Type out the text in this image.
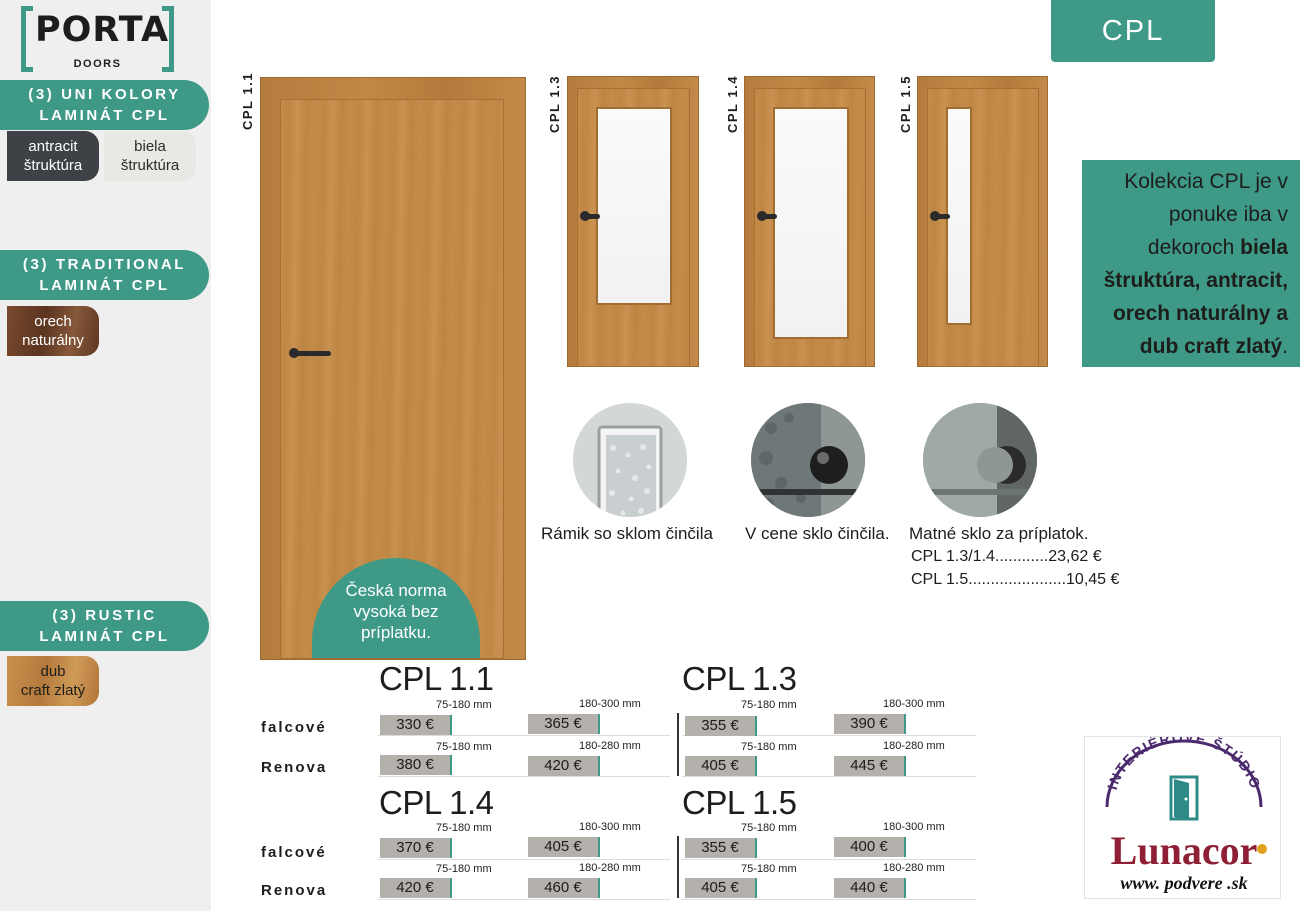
PORTA
DOORS
(3) UNI KOLORY
LAMINÁT CPL
antracit
štruktúra
biela
štruktúra
(3) TRADITIONAL
LAMINÁT CPL
orech
naturálny
(3) RUSTIC
LAMINÁT CPL
dub
craft zlatý
CPL
Kolekcia CPL je v ponuke iba v dekoroch biela štruktúra, antracit, orech naturálny a dub craft zlatý.
CPL 1.1	CPL 1.3	CPL 1.4	CPL 1.5
Česká norma
vysoká bez
príplatku.
Rámik so sklom činčila V cene sklo činčila. Matné sklo za príplatok.
CPL 1.3/1.4............23,62 €
CPL 1.5......................10,45 €
CPL 1.1
falcové
Renova
75-180 mm	180-300 mm
330 €	365 €
75-180 mm	180-280 mm
380 €	420 €
CPL 1.3
75-180 mm	180-300 mm
355 €	390 €
75-180 mm	180-280 mm
405 €	445 €
CPL 1.4
falcové
Renova
75-180 mm	180-300 mm
370 €	405 €
75-180 mm	180-280 mm
420 €	460 €
CPL 1.5
75-180 mm	180-300 mm
355 €	400 €
75-180 mm	180-280 mm
405 €	440 €
INTERIÉROVÉ ŠTÚDIO
Lunacor
www. podvere .sk
